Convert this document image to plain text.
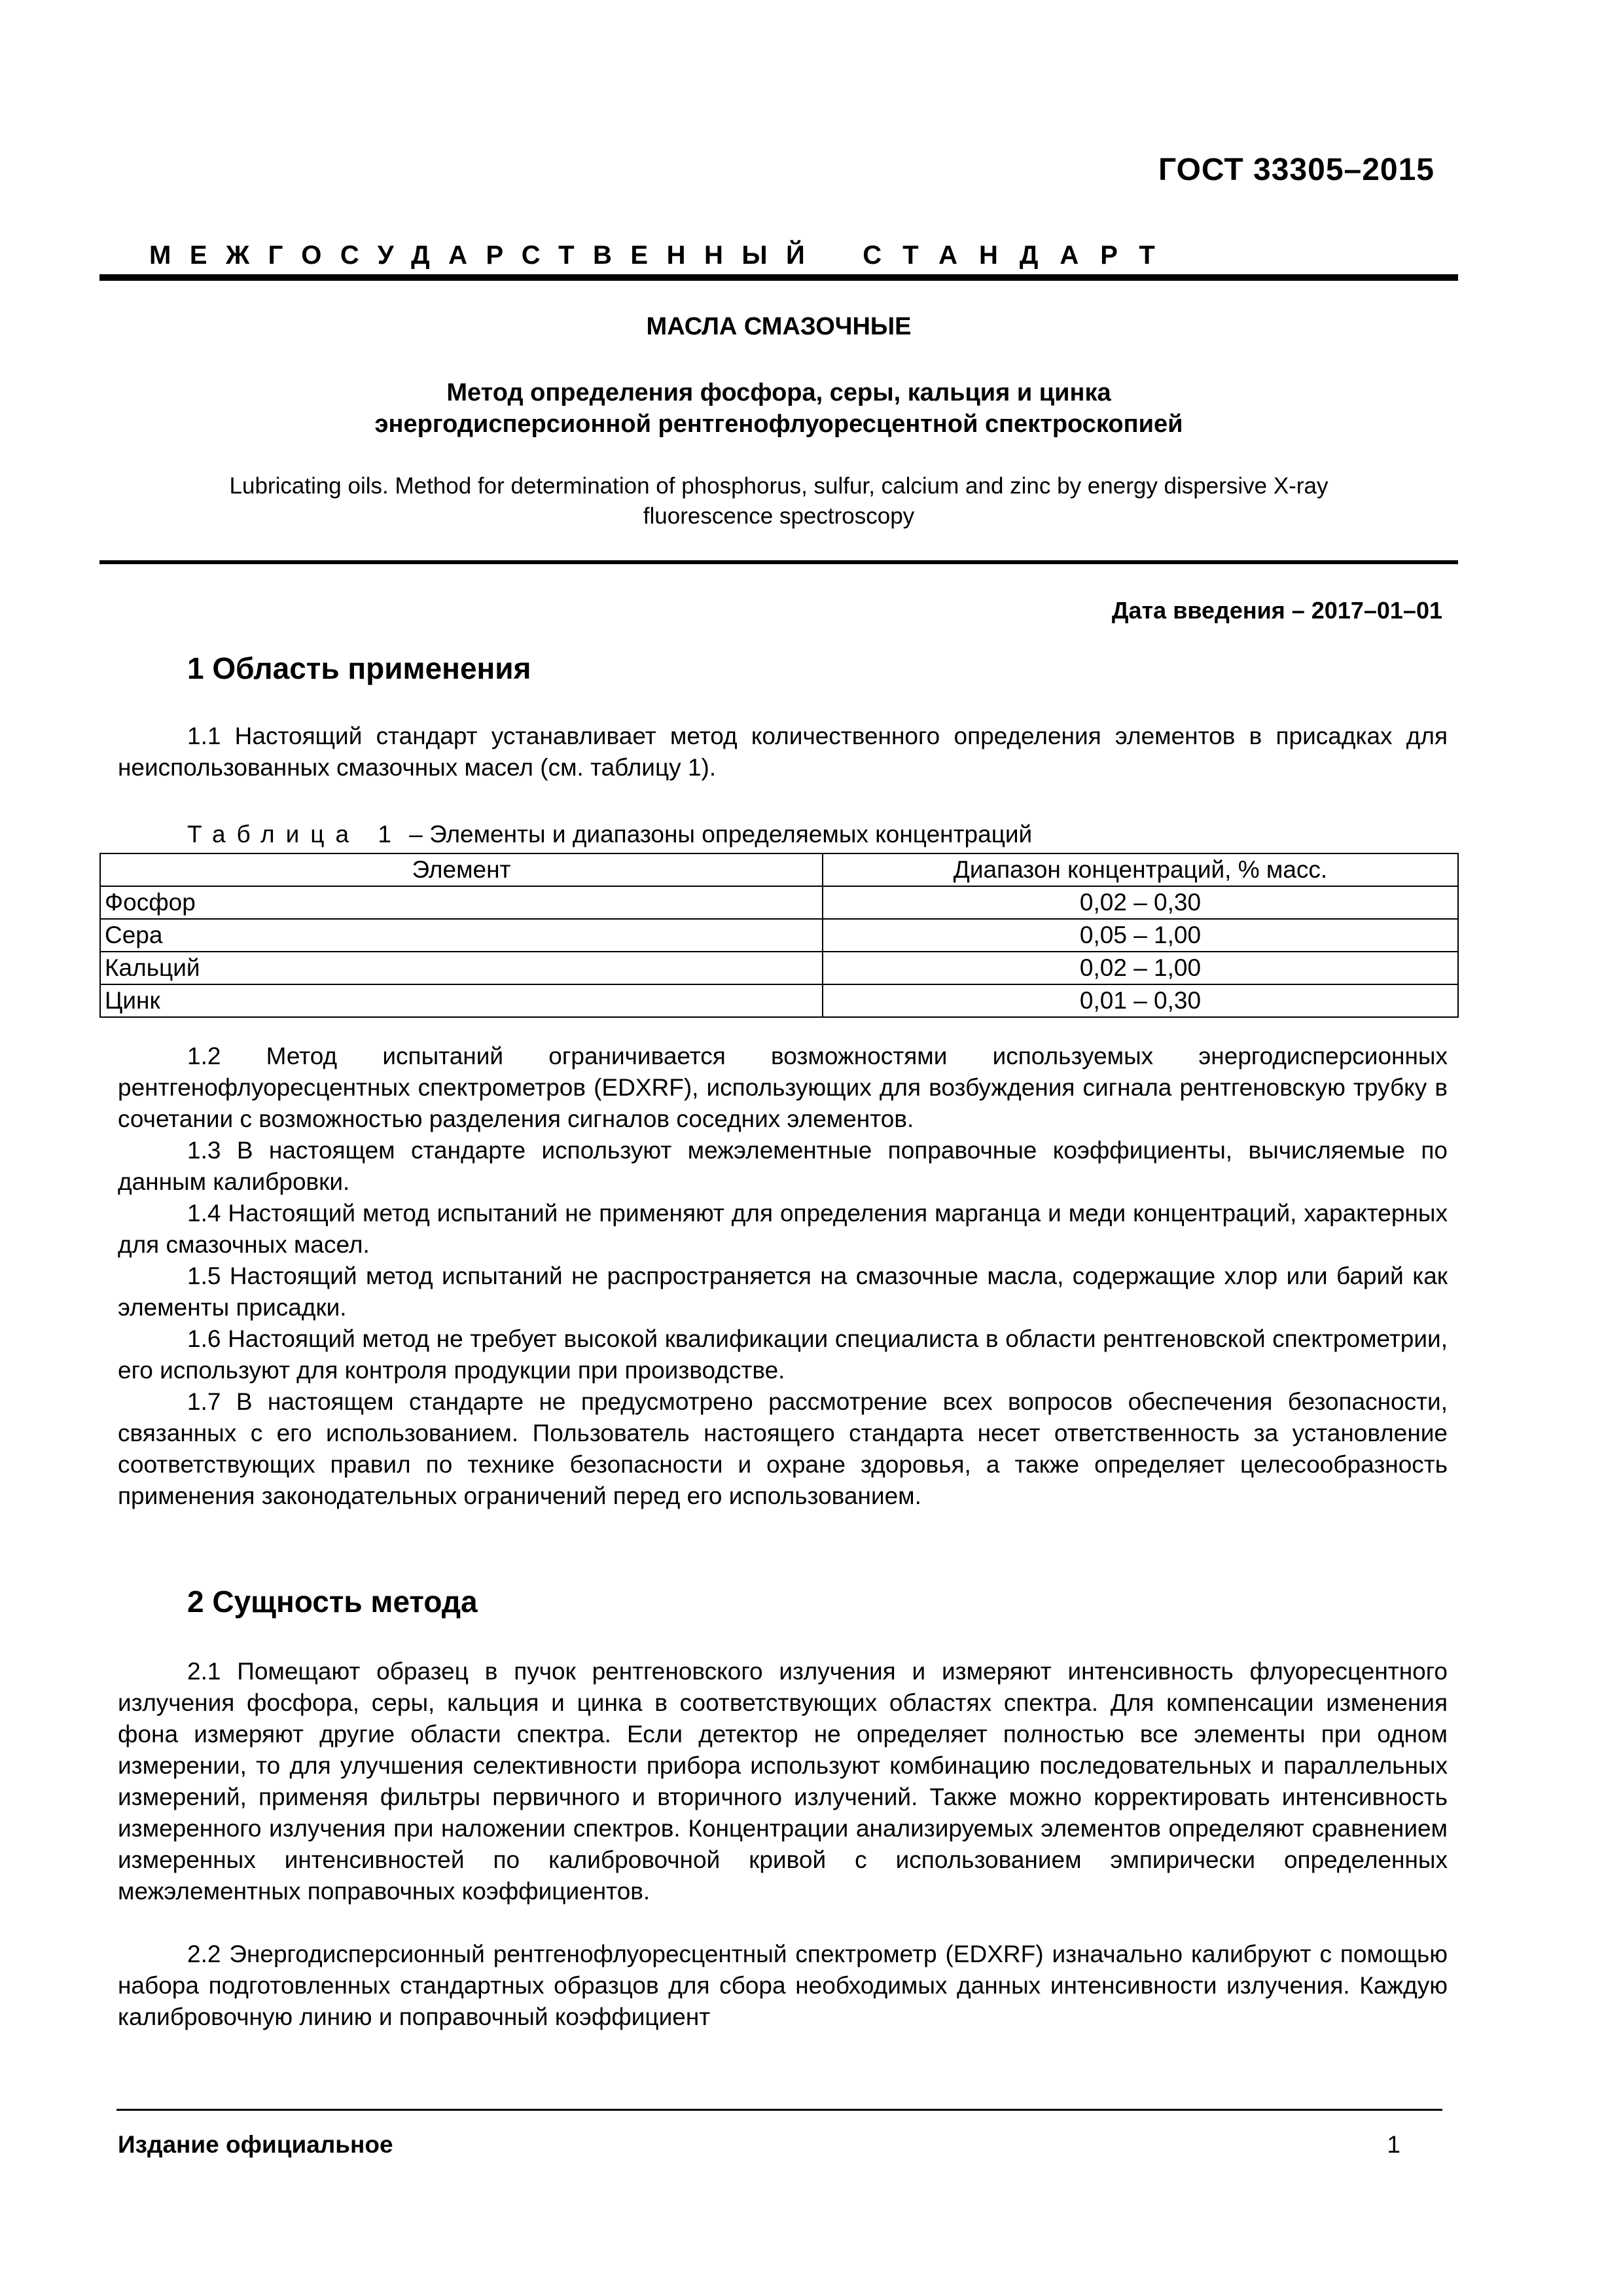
ГОСТ 33305–2015
МЕЖГОСУДАРСТВЕННЫЙ СТАНДАРТ
МАСЛА СМАЗОЧНЫЕ
Метод определения фосфора, серы, кальция и цинка
энергодисперсионной рентгенофлуоресцентной спектроскопией
Lubricating oils. Method for determination of phosphorus, sulfur, calcium and zinc by energy dispersive X-ray
fluorescence spectroscopy
Дата введения – 2017–01–01
1 Область применения
1.1 Настоящий стандарт устанавливает метод количественного определения элементов в присадках для неиспользованных смазочных масел (см. таблицу 1).
Таблица 1 – Элементы и диапазоны определяемых концентраций
Элемент	Диапазон концентраций, % масс.
Фосфор	0,02 – 0,30
Сера	0,05 – 1,00
Кальций	0,02 – 1,00
Цинк	0,01 – 0,30
1.2 Метод испытаний ограничивается возможностями используемых энергодисперсионных рентгенофлуоресцентных спектрометров (EDXRF), использующих для возбуждения сигнала рентгеновскую трубку в сочетании с возможностью разделения сигналов соседних элементов.
1.3 В настоящем стандарте используют межэлементные поправочные коэффициенты, вычисляемые по данным калибровки.
1.4 Настоящий метод испытаний не применяют для определения марганца и меди концентраций, характерных для смазочных масел.
1.5 Настоящий метод испытаний не распространяется на смазочные масла, содержащие хлор или барий как элементы присадки.
1.6 Настоящий метод не требует высокой квалификации специалиста в области рентгеновской спектрометрии, его используют для контроля продукции при производстве.
1.7 В настоящем стандарте не предусмотрено рассмотрение всех вопросов обеспечения безопасности, связанных с его использованием. Пользователь настоящего стандарта несет ответственность за установление соответствующих правил по технике безопасности и охране здоровья, а также определяет целесообразность применения законодательных ограничений перед его использованием.
2 Сущность метода
2.1 Помещают образец в пучок рентгеновского излучения и измеряют интенсивность флуоресцентного излучения фосфора, серы, кальция и цинка в соответствующих областях спектра. Для компенсации изменения фона измеряют другие области спектра. Если детектор не определяет полностью все элементы при одном измерении, то для улучшения селективности прибора используют комбинацию последовательных и параллельных измерений, применяя фильтры первичного и вторичного излучений. Также можно корректировать интенсивность измеренного излучения при наложении спектров. Концентрации анализируемых элементов определяют сравнением измеренных интенсивностей по калибровочной кривой с использованием эмпирически определенных межэлементных поправочных коэффициентов.
2.2 Энергодисперсионный рентгенофлуоресцентный спектрометр (EDXRF) изначально калибруют с помощью набора подготовленных стандартных образцов для сбора необходимых данных интенсивности излучения. Каждую калибровочную линию и поправочный коэффициент
Издание официальное	1
